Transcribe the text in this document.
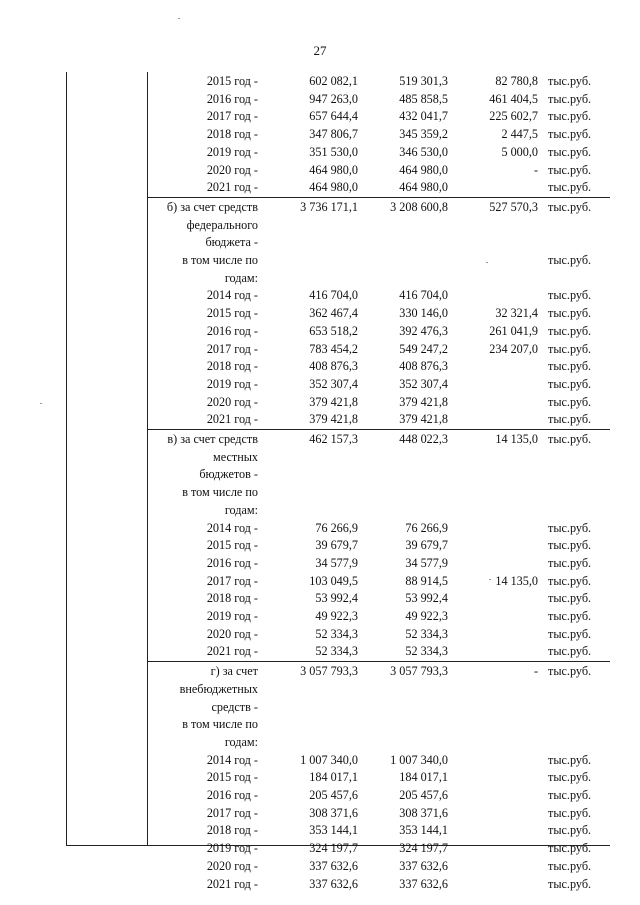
27
2015 год -	602 082,1	519 301,3	82 780,8 тыс.руб.
2016 год -	947 263,0	485 858,5	461 404,5 тыс.руб.
2017 год -	657 644,4	432 041,7	225 602,7 тыс.руб.
2018 год -	347 806,7	345 359,2	2 447,5 тыс.руб.
2019 год -	351 530,0	346 530,0	5 000,0 тыс.руб.
2020 год -	464 980,0	464 980,0	- тыс.руб.
2021 год -	464 980,0	464 980,0	тыс.руб.
б) за счет средств	3 736 171,1	3 208 600,8	527 570,3 тыс.руб.
федерального
бюджета -
в том числе по	тыс.руб.
годам:
2014 год -	416 704,0	416 704,0	тыс.руб.
2015 год -	362 467,4	330 146,0	32 321,4 тыс.руб.
2016 год -	653 518,2	392 476,3	261 041,9 тыс.руб.
2017 год -	783 454,2	549 247,2	234 207,0 тыс.руб.
2018 год -	408 876,3	408 876,3	тыс.руб.
2019 год -	352 307,4	352 307,4	тыс.руб.
2020 год -	379 421,8	379 421,8	тыс.руб.
2021 год -	379 421,8	379 421,8	тыс.руб.
в) за счет средств	462 157,3	448 022,3	14 135,0 тыс.руб.
местных
бюджетов -
в том числе по
годам:
2014 год -	76 266,9	76 266,9	тыс.руб.
2015 год -	39 679,7	39 679,7	тыс.руб.
2016 год -	34 577,9	34 577,9	тыс.руб.
2017 год -	103 049,5	88 914,5	14 135,0 тыс.руб.
2018 год -	53 992,4	53 992,4	тыс.руб.
2019 год -	49 922,3	49 922,3	тыс.руб.
2020 год -	52 334,3	52 334,3	тыс.руб.
2021 год -	52 334,3	52 334,3	тыс.руб.
г) за счет	3 057 793,3	3 057 793,3	- тыс.руб.
внебюджетных
средств -
в том числе по
годам:
2014 год -	1 007 340,0	1 007 340,0	тыс.руб.
2015 год -	184 017,1	184 017,1	тыс.руб.
2016 год -	205 457,6	205 457,6	тыс.руб.
2017 год -	308 371,6	308 371,6	тыс.руб.
2018 год -	353 144,1	353 144,1	тыс.руб.
2019 год -	324 197,7	324 197,7	тыс.руб.
2020 год -	337 632,6	337 632,6	тыс.руб.
2021 год -	337 632,6	337 632,6	тыс.руб.
